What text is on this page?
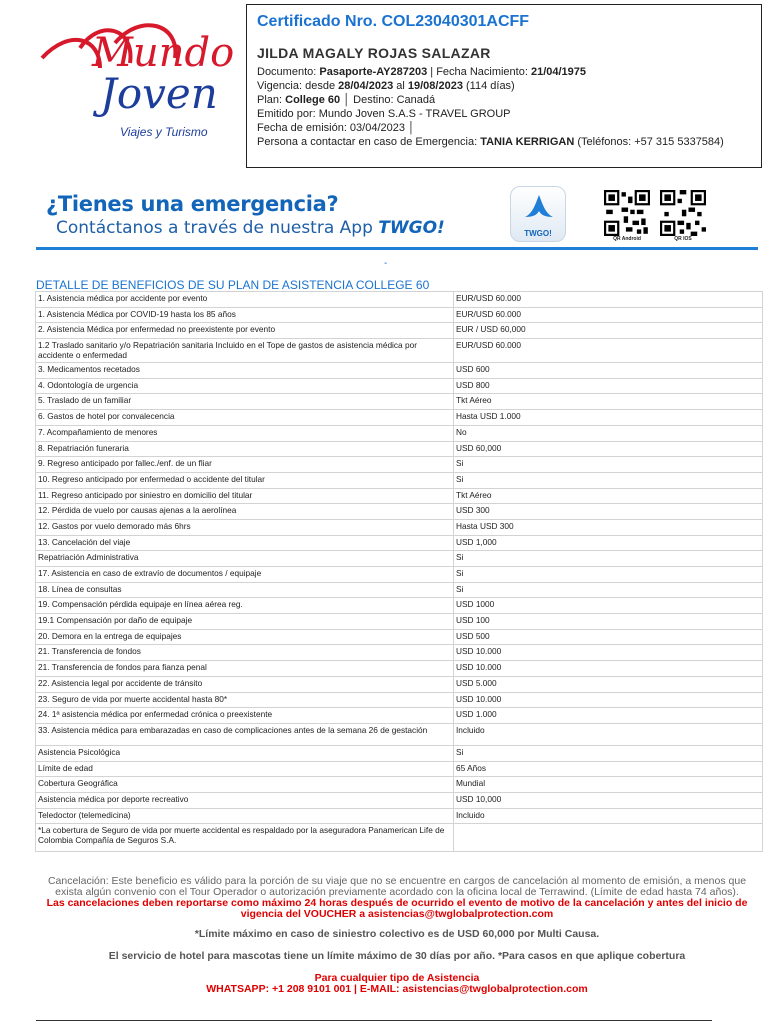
Mundo
Joven
Viajes y Turismo
Certificado Nro. COL23040301ACFF
JILDA MAGALY ROJAS SALAZAR
Documento: Pasaporte-AY287203 | Fecha Nacimiento: 21/04/1975
Vigencia: desde 28/04/2023 al 19/08/2023 (114 días)
Plan: College 60 │ Destino: Canadá
Emitido por: Mundo Joven S.A.S - TRAVEL GROUP
Fecha de emisión: 03/04/2023 │
Persona a contactar en caso de Emergencia: TANIA KERRIGAN (Teléfonos: +57 315 5337584)
¿Tienes una emergencia?
Contáctanos a través de nuestra App TWGO!	TWGO!
QR Android	QR IOS
-
DETALLE DE BENEFICIOS DE SU PLAN DE ASISTENCIA COLLEGE 60
1. Asistencia médica por accidente por evento	EUR/USD 60.000
1. Asistencia Médica por COVID-19 hasta los 85 años	EUR/USD 60.000
2. Asistencia Médica por enfermedad no preexistente por evento	EUR / USD 60,000
1.2 Traslado sanitario y/o Repatriación sanitaria Incluido en el Tope de gastos de asistencia médica por accidente o enfermedad	EUR/USD 60.000
3. Medicamentos recetados	USD 600
4. Odontología de urgencia	USD 800
5. Traslado de un familiar	Tkt Aéreo
6. Gastos de hotel por convalecencia	Hasta USD 1.000
7. Acompañamiento de menores	No
8. Repatriación funeraria	USD 60,000
9. Regreso anticipado por fallec./enf. de un fliar	Si
10. Regreso anticipado por enfermedad o accidente del titular	Si
11. Regreso anticipado por siniestro en domicilio del titular	Tkt Aéreo
12. Pérdida de vuelo por causas ajenas a la aerolínea	USD 300
12. Gastos por vuelo demorado más 6hrs	Hasta USD 300
13. Cancelación del viaje	USD 1,000
Repatriación Administrativa	Si
17. Asistencia en caso de extravío de documentos / equipaje	Si
18. Línea de consultas	Si
19. Compensación pérdida equipaje en línea aérea reg.	USD 1000
19.1 Compensación por daño de equipaje	USD 100
20. Demora en la entrega de equipajes	USD 500
21. Transferencia de fondos	USD 10.000
21. Transferencia de fondos para fianza penal	USD 10.000
22. Asistencia legal por accidente de tránsito	USD 5.000
23. Seguro de vida por muerte accidental hasta 80*	USD 10.000
24. 1ª asistencia médica por enfermedad crónica o preexistente	USD 1.000
33. Asistencia médica para embarazadas en caso de complicaciones antes de la semana 26 de gestación	Incluido
Asistencia Psicológica	Si
Límite de edad	65 Años
Cobertura Geográfica	Mundial
Asistencia médica por deporte recreativo	USD 10,000
Teledoctor (telemedicina)	Incluido
*La cobertura de Seguro de vida por muerte accidental es respaldado por la aseguradora Panamerican Life de Colombia Compañía de Seguros S.A.	
Cancelación: Este beneficio es válido para la porción de su viaje que no se encuentre en cargos de cancelación al momento de emisión, a menos que exista algún convenio con el Tour Operador o autorización previamente acordado con la oficina local de Terrawind. (Límite de edad hasta 74 años).
Las cancelaciones deben reportarse como máximo 24 horas después de ocurrido el evento de motivo de la cancelación y antes del inicio de vigencia del VOUCHER a asistencias@twglobalprotection.com
*Límite máximo en caso de siniestro colectivo es de USD 60,000 por Multi Causa.
El servicio de hotel para mascotas tiene un límite máximo de 30 días por año. *Para casos en que aplique cobertura
Para cualquier tipo de Asistencia
WHATSAPP: +1 208 9101 001 | E-MAIL: asistencias@twglobalprotection.com
